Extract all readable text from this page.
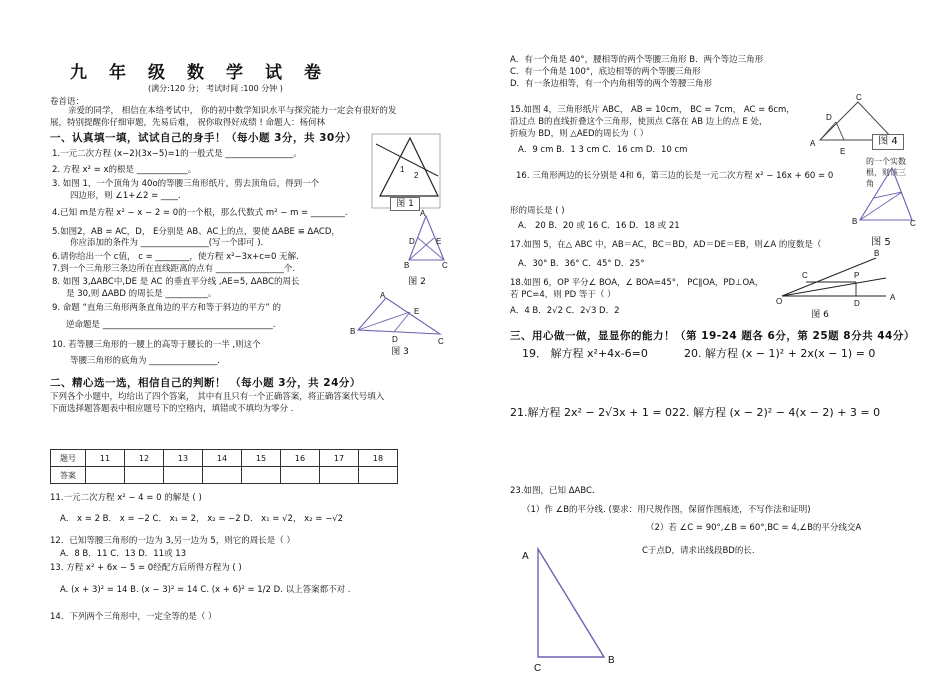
九年级数学试卷
(满分:120 分； 考试时间 :100 分钟 )
卷首语：
亲爱的同学， 相信在本络考试中， 你的初中数学知识水平与探究能力一定会有很好的发
展，特别提醒你仔细审题，先易后难， 祝你取得好成绩 ! 命题人：杨何林
一、认真填一填，试试自己的身手！（每小题 3分，共 30分）
1.一元二次方程 (x−2)(3x−5)=1的一般式是 ________________。
2. 方程 x² = x的根是 ____________。
3. 如图 1，一个顶角为 40o的等腰三角形纸片，剪去顶角后，得到一个
四边形，则 ∠1+∠2 = ____.
4.已知 m是方程 x² − x − 2 = 0的一个根，那么代数式 m² − m = ________.
5.如图2，AB = AC，D， E分别是 AB、AC上的点，要使 ΔABE ≌ ΔACD，
你应添加的条件为 ________________(写一个即可 ).
6.请你给出一个 c值， c = ________，使方程 x²−3x+c=0 无解．
7.到一个三角形三条边所在直线距离的点有 ________________个.
8. 如图 3,ΔABC中,DE 是 AC 的垂直平分线 ,AE=5, ΔABC的周长
是 30,则 ΔABD 的周长是 __________。
9. 命题 “直角三角形两条直角边的平方和等于斜边的平方” 的
逆命题是 ________________________________________.
10. 若等腰三角形的一腰上的高等于腰长的一半 ,则这个
等腰三角形的底角为 ________________.
二、精心选一选，相信自己的判断！ （每小题 3分，共 24分）
下列各个小题中，均给出了四个答案， 其中有且只有一个正确答案，将正确答案代号填入
下面选择题答题表中相应题号下的空格内，填错或不填均为零分 .
题号	11	12	13	14	15	16	17	18
答案								
11.一元二次方程 x² − 4 = 0 的解是 ( )
A． x = 2 B． x = −2 C． x₁ = 2， x₂ = −2 D． x₁ = √2， x₂ = −√2
12．已知等腰三角形的一边为 3,另一边为 5，则它的周长是（ ）
A．8 B．11 C．13 D．11或 13
13. 方程 x² + 6x − 5 = 0经配方后所得方程为 ( )
A. (x + 3)² = 14 B. (x − 3)² = 14 C. (x + 6)² = 1/2 D. 以上答案都不对 .
14．下列两个三角形中，一定全等的是（ ）
1
2
图 1
A
D	E
B	C
图 2
A
B
E
D	C
图 3
A．有一个角是 40°，腰相等的两个等腰三角形 B．两个等边三角形
C．有一个角是 100°，底边相等的两个等腰三角形
D．有一条边相等，有一个内角相等的两个等腰三角形
15.如图 4，三角形纸片 ABC， AB = 10cm， BC = 7cm， AC = 6cm，
沿过点 B的直线折叠这个三角形，使顶点 C落在 AB 边上的点 E 处，
折痕为 BD，则 △AED的周长为（ ）
A．9 cm B．1 3 cm C．16 cm D．10 cm
16. 三角形两边的长分别是 4和 6，第三边的长是一元二次方程 x² − 16x + 60 = 0
的一个实数根，则该三角
形的周长是 ( )
A． 20 B．20 或 16 C．16 D．18 或 21
17.如图 5，在△ ABC 中，AB＝AC，BC＝BD，AD＝DE＝EB，则∠A 的度数是（
A．30° B．36° C．45° D．25°
18.如图 6，OP 平分∠ BOA，∠ BOA=45°， PC∥OA，PD⊥OA，
若 PC=4，则 PD 等于（ ）
A．4 B．2√2 C．2√3 D．2
三、用心做一做，显显你的能力！（第 19-24 题各 6分，第 25题 8分共 44分）
19． 解方程 x²+4x-6=0	20. 解方程 (x − 1)² + 2x(x − 1) = 0
21.解方程 2x² − 2√3x + 1 = 0 22. 解方程 (x − 2)² − 4(x − 2) + 3 = 0
23.如图，已知 ΔABC．
（1）作 ∠B的平分线. (要求：用尺规作图，保留作图痕迹，不写作法和证明)
（2）若 ∠C = 90°,∠B = 60°,BC = 4,∠B的平分线交A
C于点D，请求出线段BD的长.
C
D
A
E
图 4
B	C
图 5
B
C	P
O	D
A
图 6
A
C
B
